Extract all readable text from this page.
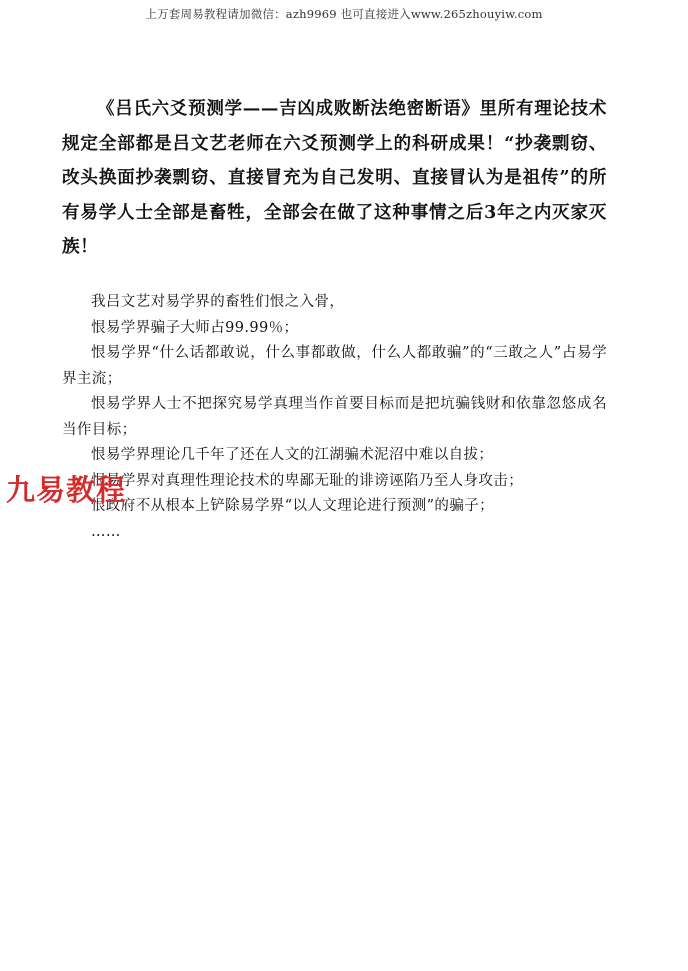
上万套周易教程请加微信：azh9969 也可直接进入www.265zhouyiw.com
《吕氏六爻预测学——吉凶成败断法绝密断语》里所有理论技术规定全部都是吕文艺老师在六爻预测学上的科研成果！“抄袭剽窃、改头换面抄袭剽窃、直接冒充为自己发明、直接冒认为是祖传”的所有易学人士全部是畜牲，全部会在做了这种事情之后3年之内灭家灭族！

我吕文艺对易学界的畜牲们恨之入骨，

恨易学界骗子大师占99.99％；

恨易学界“什么话都敢说，什么事都敢做，什么人都敢骗”的“三敢之人”占易学界主流；

恨易学界人士不把探究易学真理当作首要目标而是把坑骗钱财和依靠忽悠成名当作目标；

恨易学界理论几千年了还在人文的江湖骗术泥沼中难以自拔；

恨易学界对真理性理论技术的卑鄙无耻的诽谤诬陷乃至人身攻击；

恨政府不从根本上铲除易学界“以人文理论进行预测”的骗子；

……

九易教程
